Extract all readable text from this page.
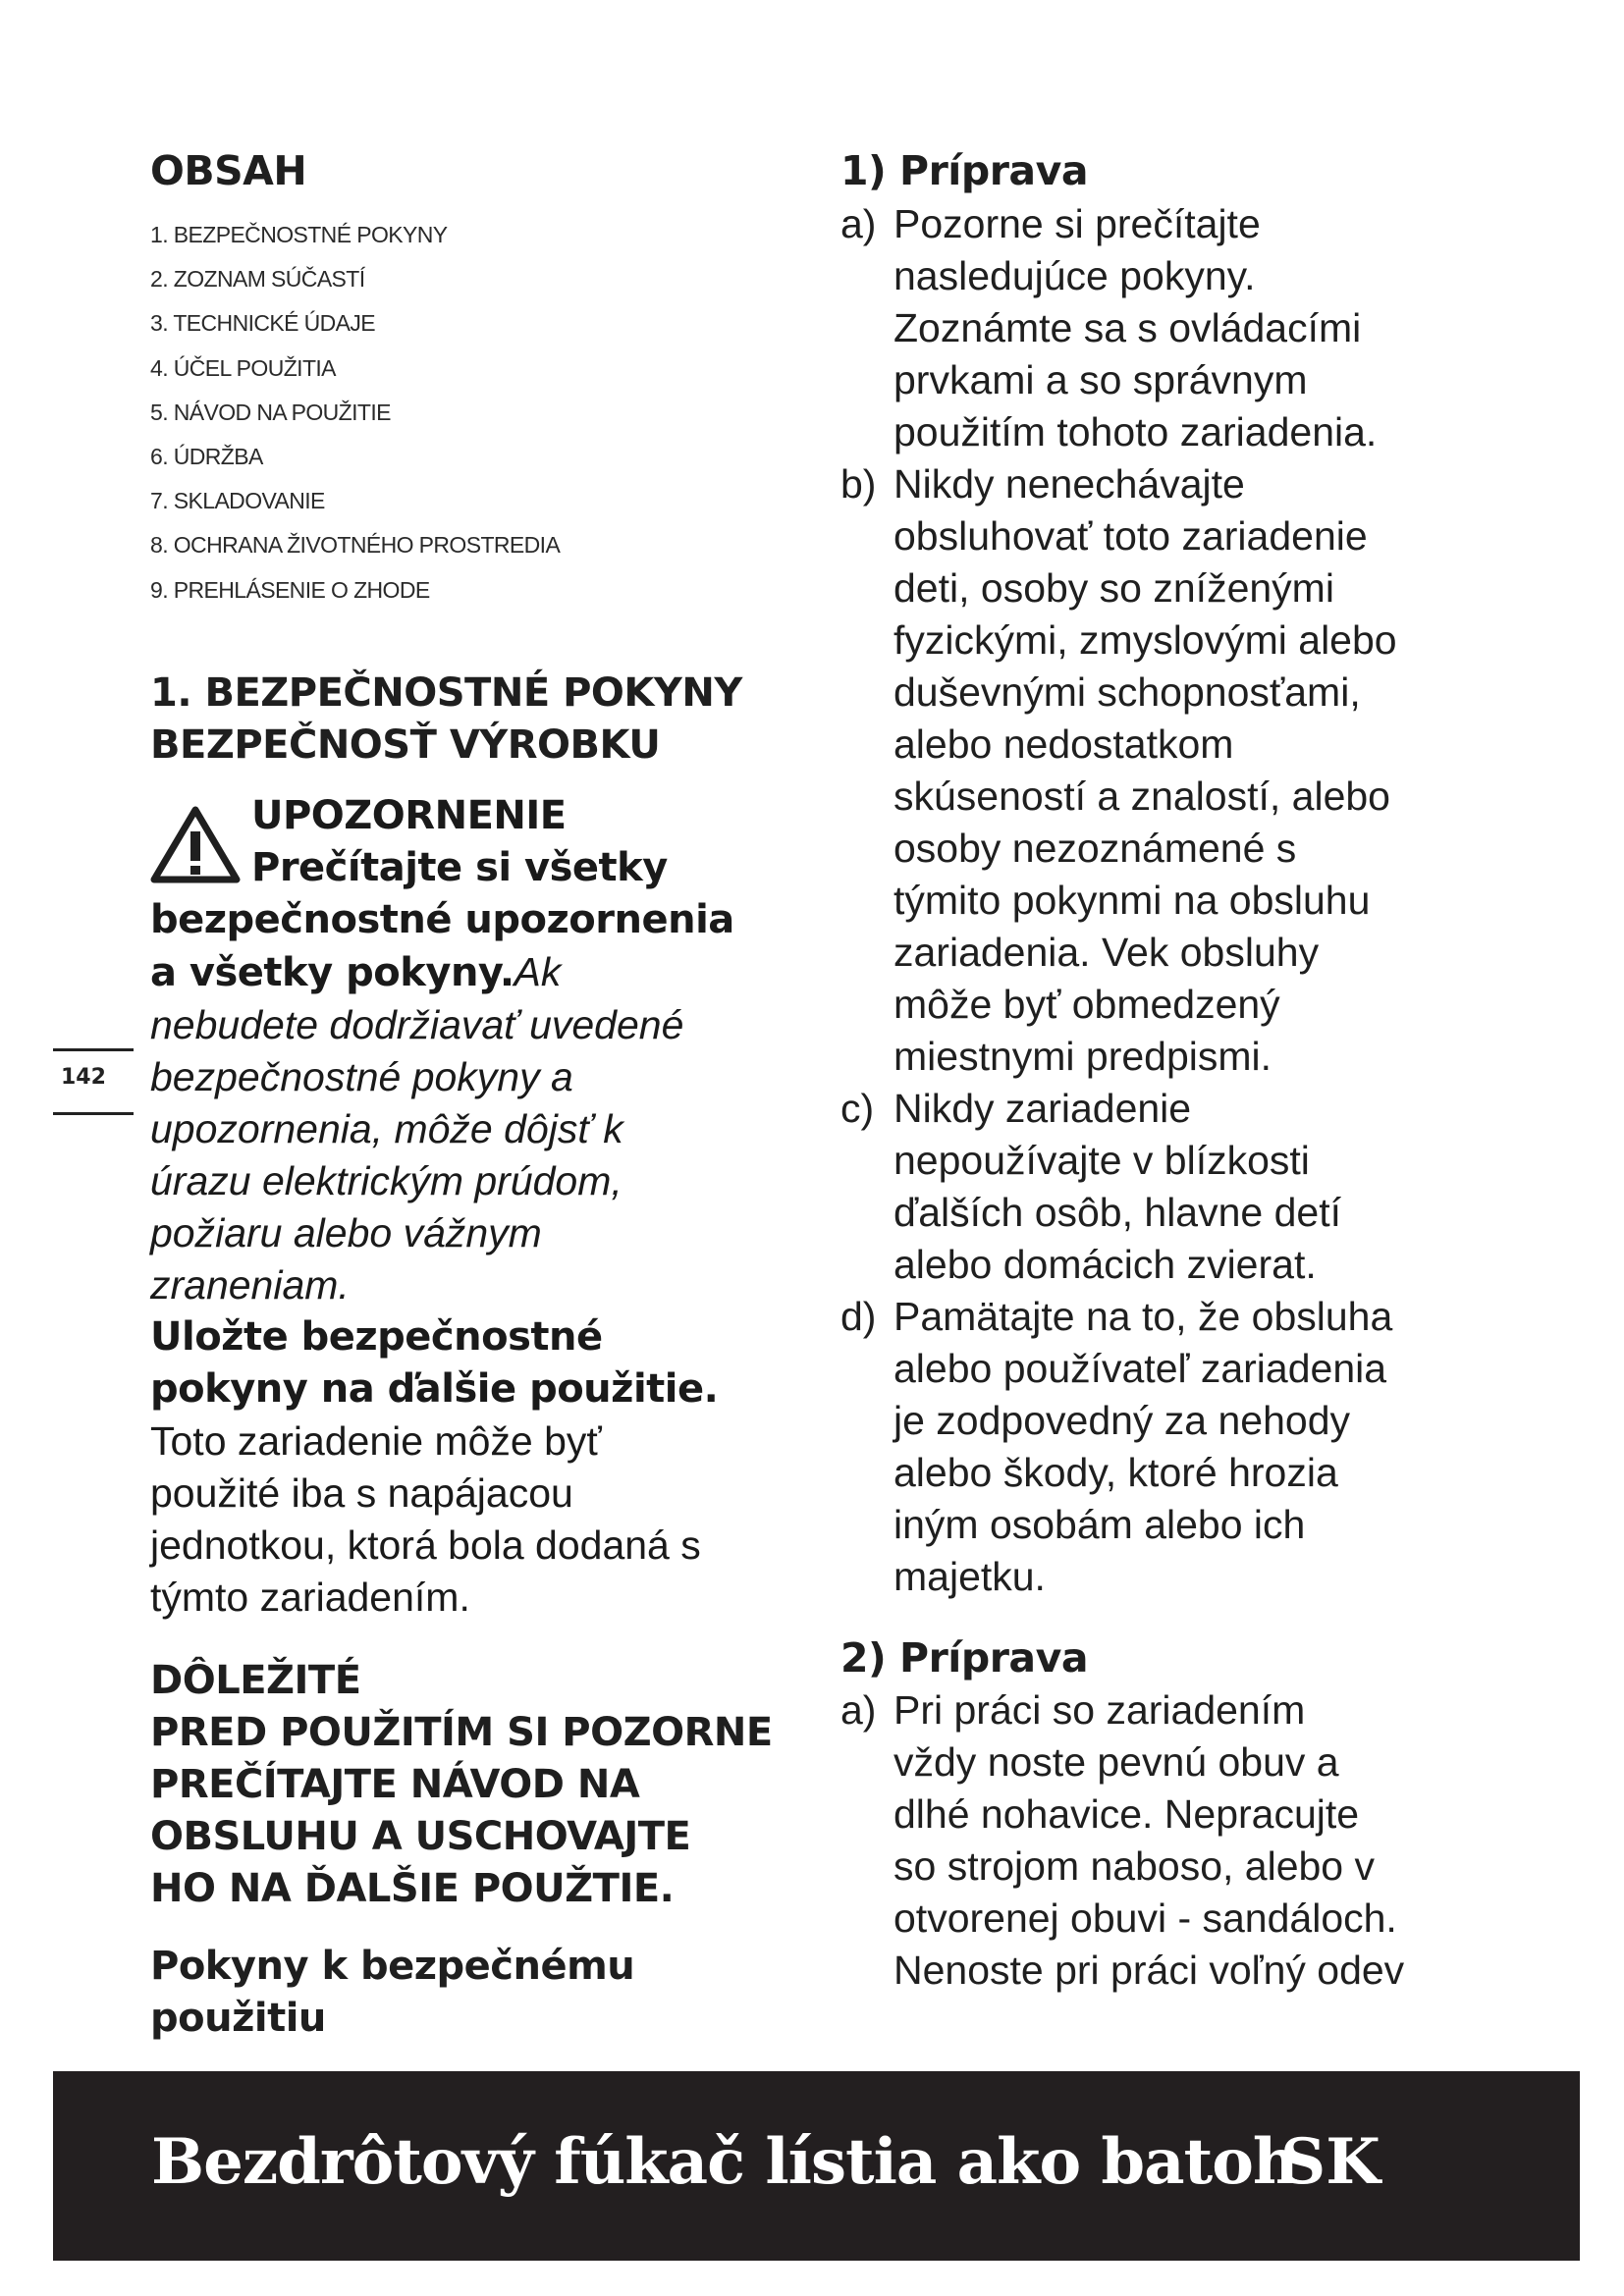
OBSAH
1. BEZPEČNOSTNÉ POKYNY
2. ZOZNAM SÚČASTÍ
3. TECHNICKÉ ÚDAJE
4. ÚČEL POUŽITIA
5. NÁVOD NA POUŽITIE
6. ÚDRŽBA
7. SKLADOVANIE
8. OCHRANA ŽIVOTNÉHO PROSTREDIA
9. PREHLÁSENIE O ZHODE
1. BEZPEČNOSTNÉ POKYNY
BEZPEČNOSŤ VÝROBKU
UPOZORNENIE
Prečítajte si všetky
bezpečnostné upozornenia
a všetky pokyny.Ak
nebudete dodržiavať uvedené
bezpečnostné pokyny a
upozornenia, môže dôjsť k
úrazu elektrickým prúdom,
požiaru alebo vážnym
zraneniam.
Uložte bezpečnostné
pokyny na ďalšie použitie.
Toto zariadenie môže byť
použité iba s napájacou
jednotkou, ktorá bola dodaná s
týmto zariadením.
DÔLEŽITÉ
PRED POUŽITÍM SI POZORNE
PREČÍTAJTE NÁVOD NA
OBSLUHU A USCHOVAJTE
HO NA ĎALŠIE POUŽTIE.
Pokyny k bezpečnému
použitiu
142
1) Príprava
a) Pozorne si prečítajte
nasledujúce pokyny.
Zoznámte sa s ovládacími
prvkami a so správnym
použitím tohoto zariadenia.
b) Nikdy nenechávajte
obsluhovať toto zariadenie
deti, osoby so zníženými
fyzickými, zmyslovými alebo
duševnými schopnosťami,
alebo nedostatkom
skúseností a znalostí, alebo
osoby nezoznámené s
týmito pokynmi na obsluhu
zariadenia. Vek obsluhy
môže byť obmedzený
miestnymi predpismi.
c) Nikdy zariadenie
nepoužívajte v blízkosti
ďalších osôb, hlavne detí
alebo domácich zvierat.
d) Pamätajte na to, že obsluha
alebo používateľ zariadenia
je zodpovedný za nehody
alebo škody, ktoré hrozia
iným osobám alebo ich
majetku.
2) Príprava
a) Pri práci so zariadením
vždy noste pevnú obuv a
dlhé nohavice. Nepracujte
so strojom naboso, alebo v
otvorenej obuvi - sandáloch.
Nenoste pri práci voľný odev
Bezdrôtový fúkač lístia ako batoh
SK
